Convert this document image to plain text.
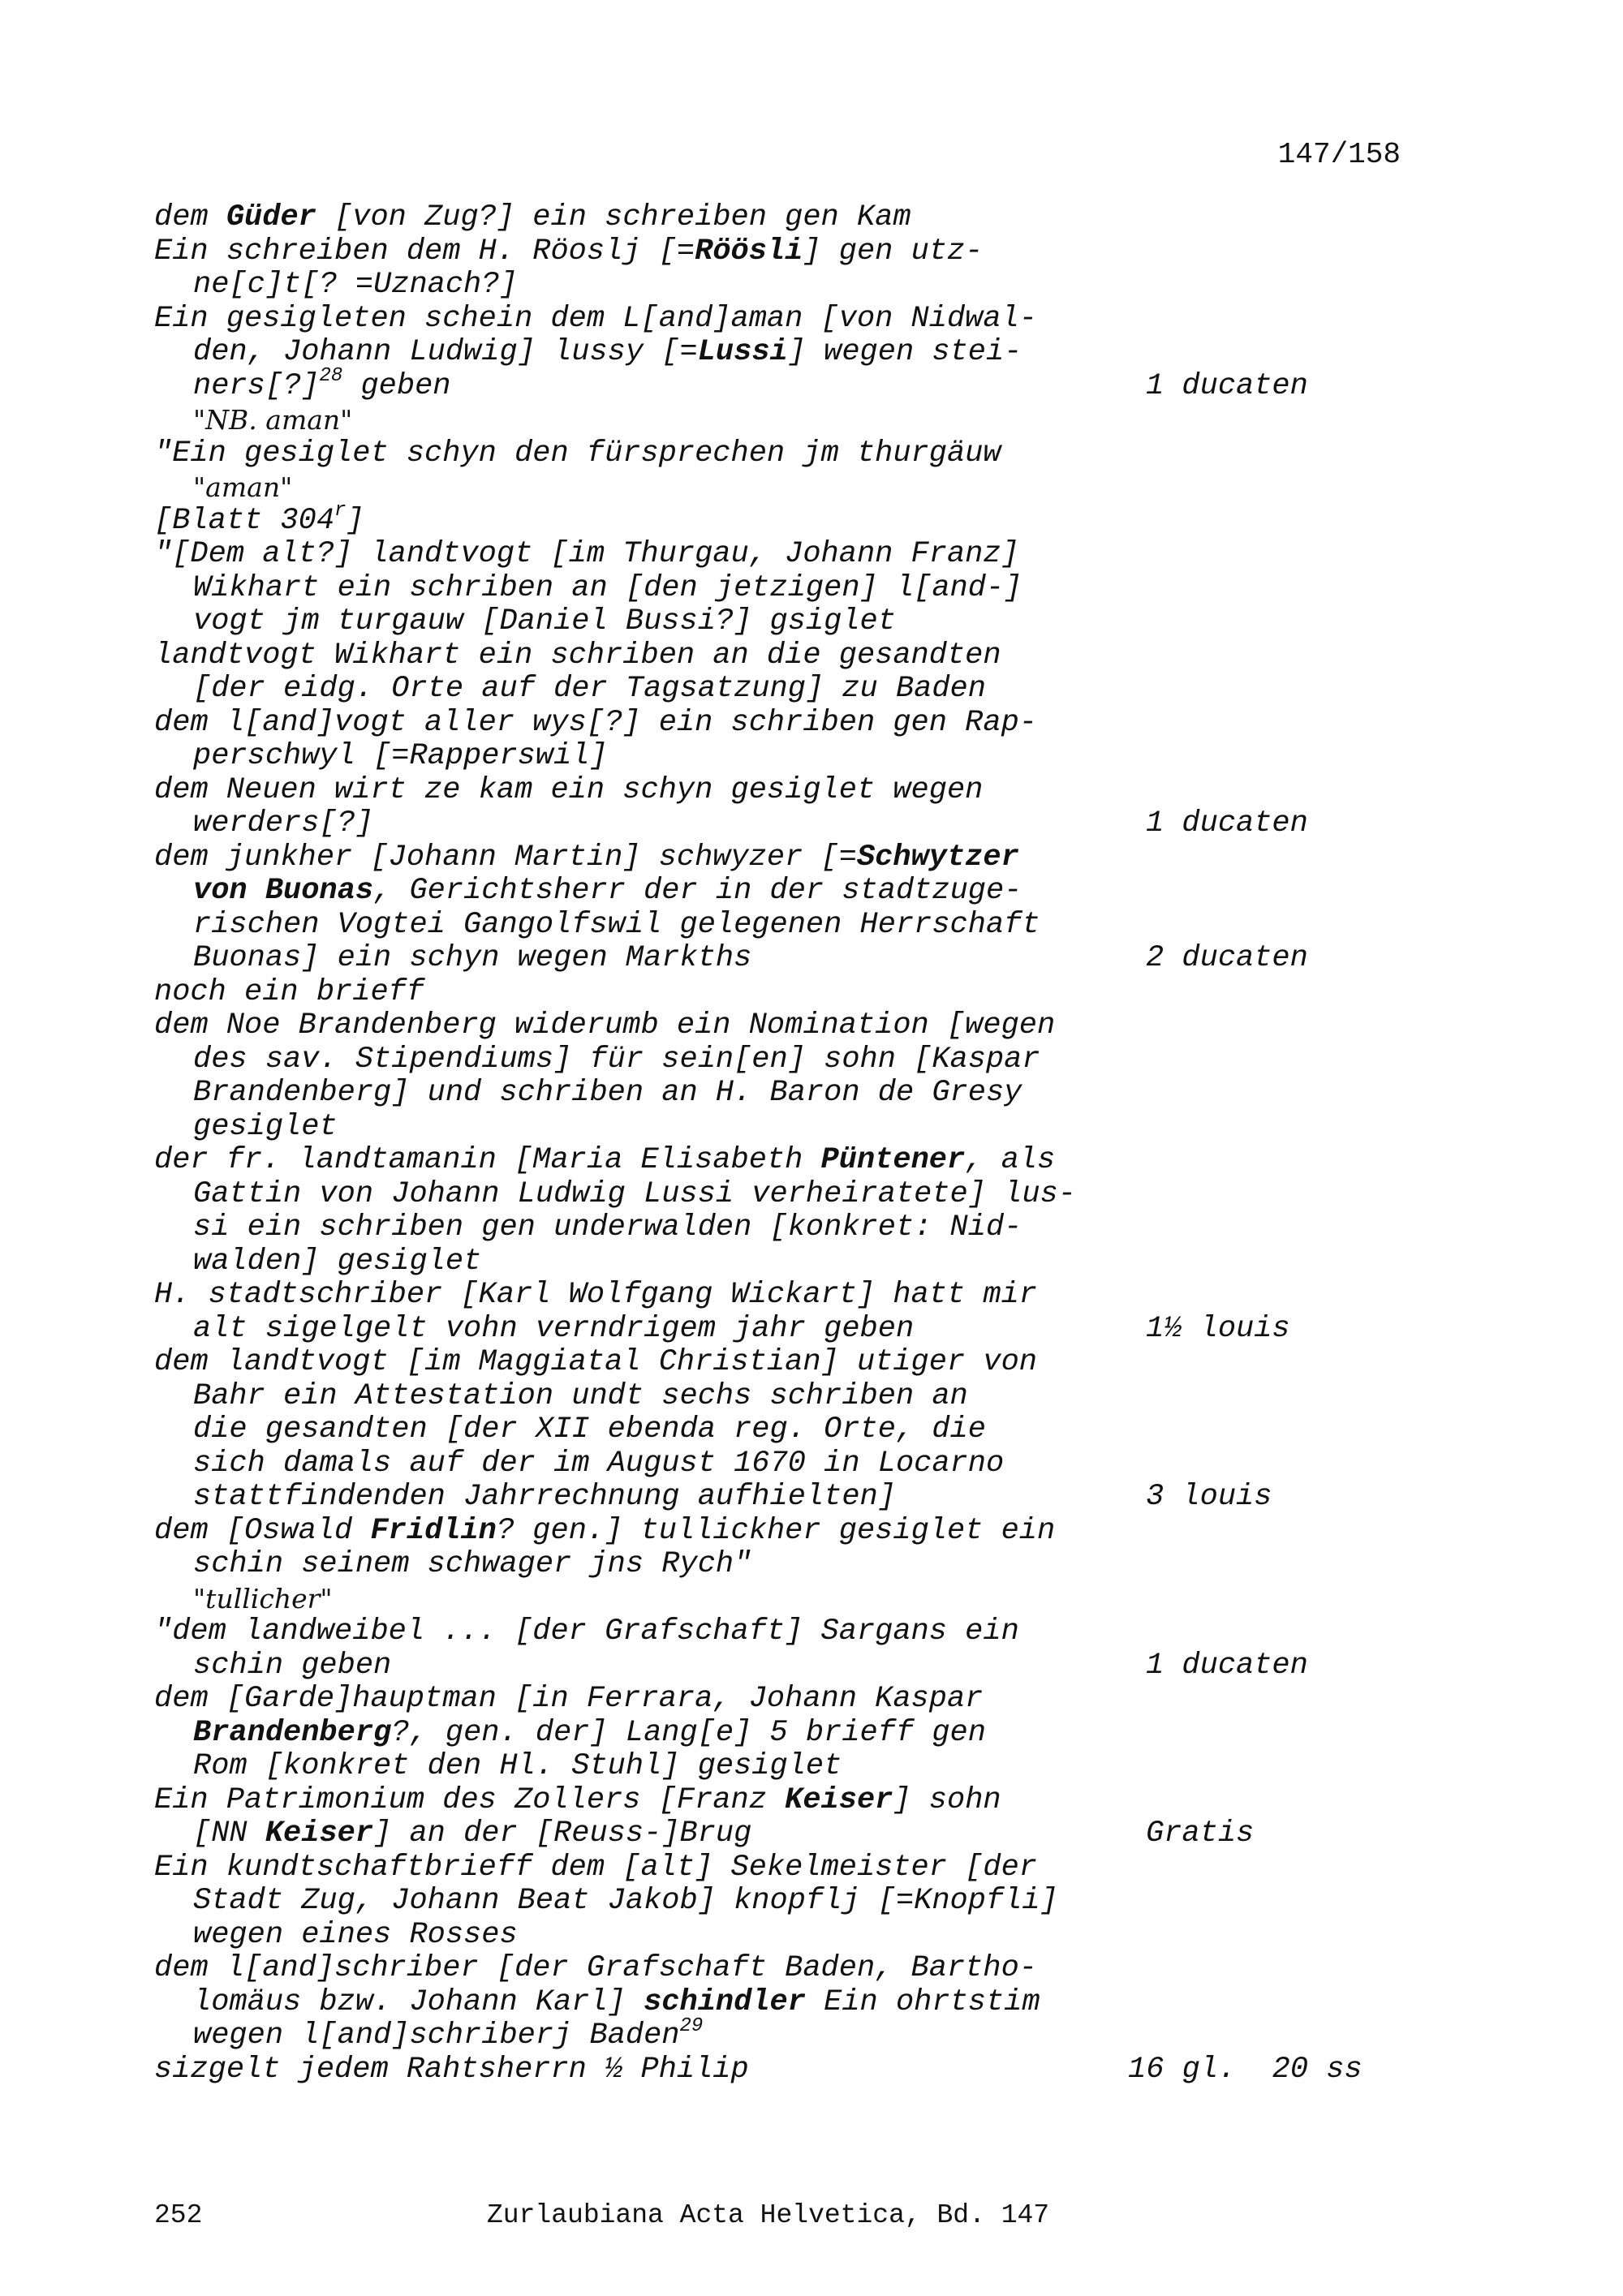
147/158
dem Güder [von Zug?] ein schreiben gen Kam
Ein schreiben dem H. Röoslj [=Röösli] gen utz-
ne[c]t[? =Uznach?]
Ein gesigleten schein dem L[and]aman [von Nidwal-
den, Johann Ludwig] lussy [=Lussi] wegen stei-
ners[?]$^{28}$ geben	1 ducaten
"NB. aman"
"Ein gesiglet schyn den fürsprechen jm thurgäuw
"aman"
[Blatt 304$^r$]
"[Dem alt?] landtvogt [im Thurgau, Johann Franz]
Wikhart ein schriben an [den jetzigen] l[and-]
vogt jm turgauw [Daniel Bussi?] gsiglet
landtvogt Wikhart ein schriben an die gesandten
[der eidg. Orte auf der Tagsatzung] zu Baden
dem l[and]vogt aller wys[?] ein schriben gen Rap-
perschwyl [=Rapperswil]
dem Neuen wirt ze kam ein schyn gesiglet wegen
werders[?]	1 ducaten
dem junkher [Johann Martin] schwyzer [=Schwytzer
von Buonas, Gerichtsherr der in der stadtzuge-
rischen Vogtei Gangolfswil gelegenen Herrschaft
Buonas] ein schyn wegen Markths	2 ducaten
noch ein brieff
dem Noe Brandenberg widerumb ein Nomination [wegen
des sav. Stipendiums] für sein[en] sohn [Kaspar
Brandenberg] und schriben an H. Baron de Gresy
gesiglet
der fr. landtamanin [Maria Elisabeth Püntener, als
Gattin von Johann Ludwig Lussi verheiratete] lus-
si ein schriben gen underwalden [konkret: Nid-
walden] gesiglet
H. stadtschriber [Karl Wolfgang Wickart] hatt mir
alt sigelgelt vohn verndrigem jahr geben	1½ louis
dem landtvogt [im Maggiatal Christian] utiger von
Bahr ein Attestation undt sechs schriben an
die gesandten [der XII ebenda reg. Orte, die
sich damals auf der im August 1670 in Locarno
stattfindenden Jahrrechnung aufhielten]	3 louis
dem [Oswald Fridlin? gen.] tullickher gesiglet ein
schin seinem schwager jns Rych"
"tullicher"
"dem landweibel ... [der Grafschaft] Sargans ein
schin geben	1 ducaten
dem [Garde]hauptman [in Ferrara, Johann Kaspar
Brandenberg?, gen. der] Lang[e] 5 brieff gen
Rom [konkret den Hl. Stuhl] gesiglet
Ein Patrimonium des Zollers [Franz Keiser] sohn
[NN Keiser] an der [Reuss-]Brug	Gratis
Ein kundtschaftbrieff dem [alt] Sekelmeister [der
Stadt Zug, Johann Beat Jakob] knopflj [=Knopfli]
wegen eines Rosses
dem l[and]schriber [der Grafschaft Baden, Bartho-
lomäus bzw. Johann Karl] schindler Ein ohrtstim
wegen l[and]schriberj Baden$^{29}$
sizgelt jedem Rahtsherrn ½ Philip	16 gl.  20 ss
252	Zurlaubiana Acta Helvetica, Bd. 147
